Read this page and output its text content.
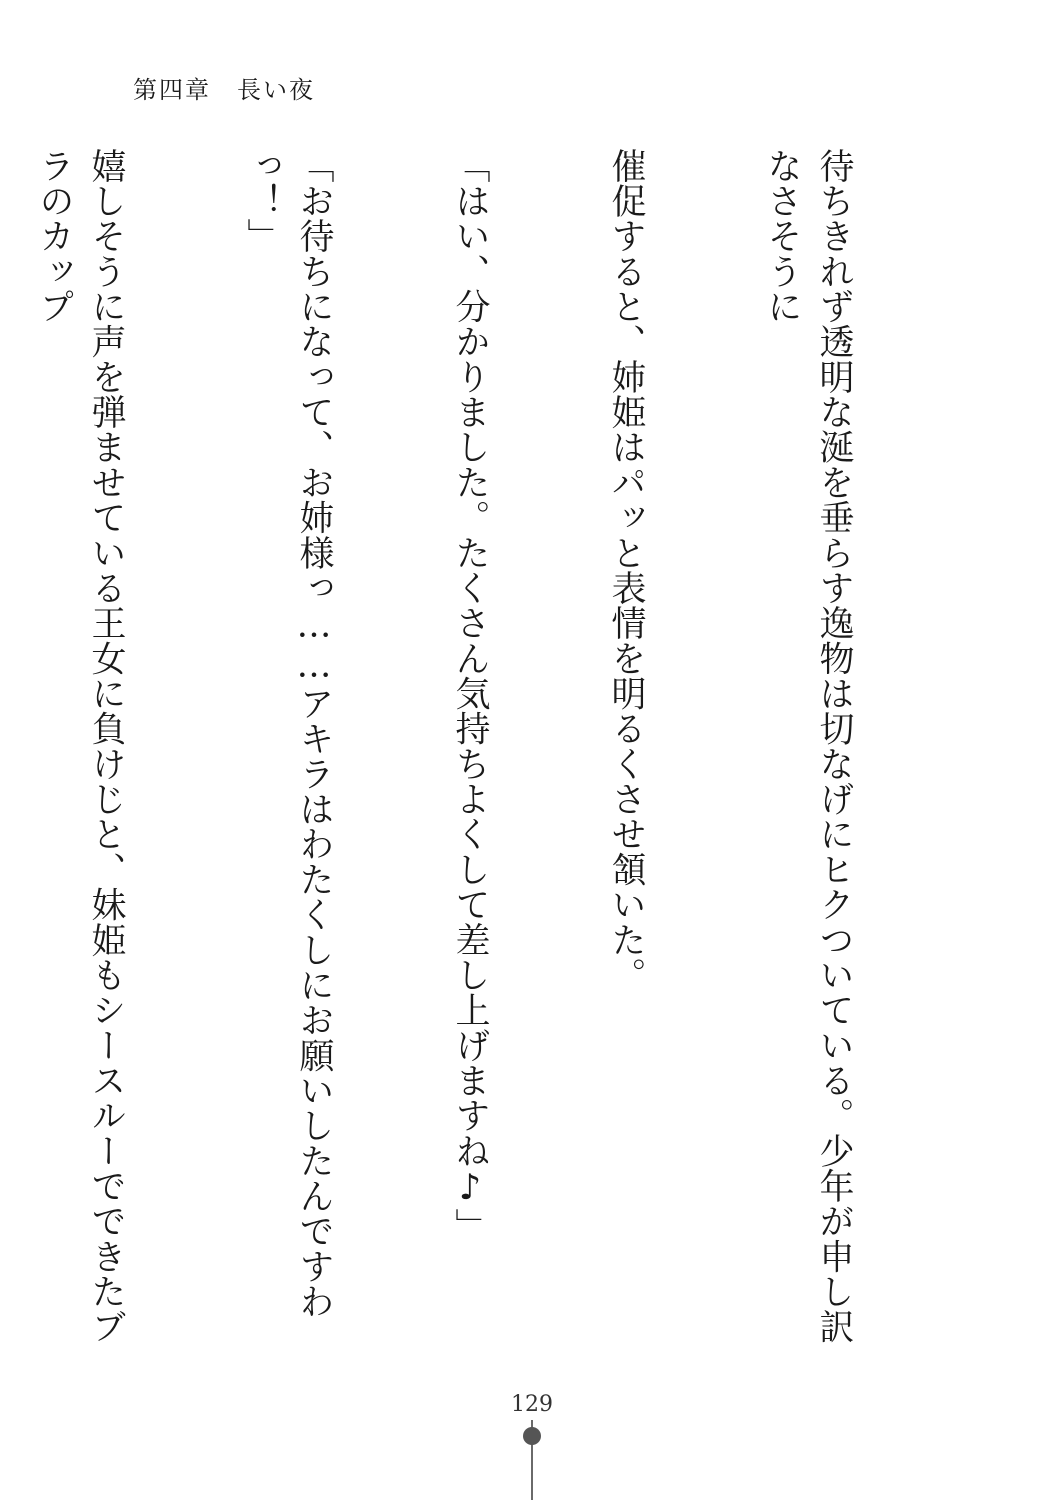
第四章　長い夜

待ちきれず透明な涎を垂らす逸物は切なげにヒクついている。少年が申し訳なさそうに

催促すると、姉姫はパッと表情を明るくさせ頷いた。

「はい、分かりました。たくさん気持ちよくして差し上げますね♪」

「お待ちになって、お姉様っ……アキラはわたくしにお願いしたんですわっ！」

嬉しそうに声を弾ませている王女に負けじと、妹姫もシースルーでできたブラのカップ

129
